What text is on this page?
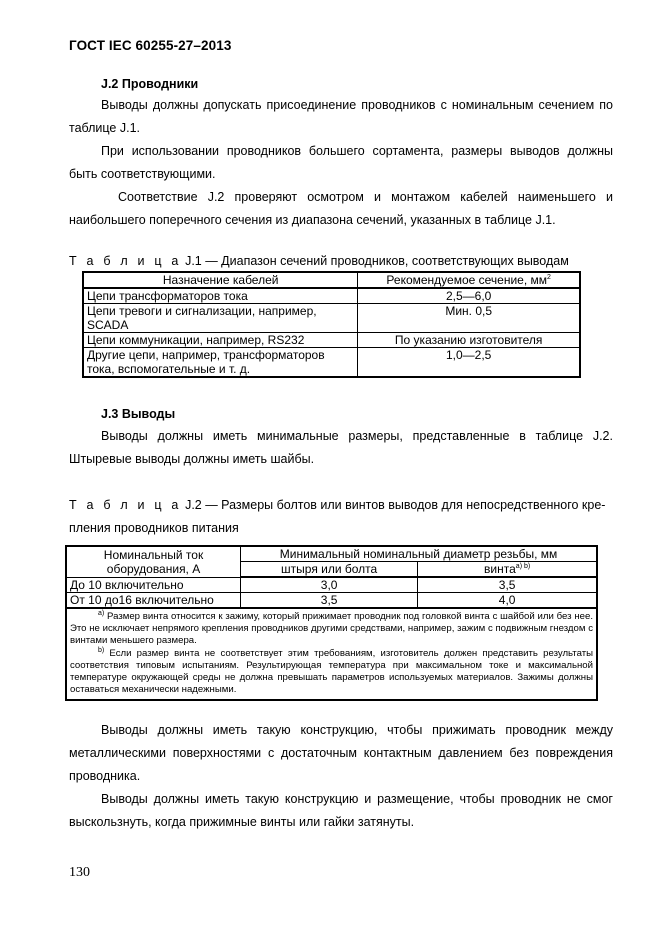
ГОСТ IEC 60255-27–2013
J.2 Проводники
Выводы должны допускать присоединение проводников с номинальным сечением по таблице J.1.
При использовании проводников большего сортамента, размеры выводов должны быть соответствующими.
Соответствие J.2 проверяют осмотром и монтажом кабелей наименьшего и наибольшего поперечного сечения из диапазона сечений, указанных в таблице J.1.
Т а б л и ц а J.1 — Диапазон сечений проводников, соответствующих выводам
Назначение кабелей	Рекомендуемое сечение, $мм^2$
Цепи трансформаторов тока	2,5—6,0
Цепи тревоги и сигнализации, например, SCADA	Мин. 0,5
Цепи коммуникации, например, RS232	По указанию изготовителя
Другие цепи, например, трансформаторов тока, вспомогательные и т. д.	1,0—2,5
J.3 Выводы
Выводы должны иметь минимальные размеры, представленные в таблице J.2. Штыревые выводы должны иметь шайбы.
Т а б л и ц а J.2 — Размеры болтов или винтов выводов для непосредственного кре-
пления проводников питания
Номинальный ток оборудования, А	Минимальный номинальный диаметр резьбы, мм	
	штыря или болта	винта$^{a) b)}$
До 10 включительно	3,0	3,5
От 10 до16 включительно	3,5	4,0

$^{a)}$ Размер винта относится к зажиму, который прижимает проводник под головкой винта с шайбой или без нее. Это не исключает непрямого крепления проводников другими средствами, например, зажим с подвижным гнездом с винтами меньшего размера.

$^{b)}$ Если размер винта не соответствует этим требованиям, изготовитель должен представить результаты соответствия типовым испытаниям. Результирующая температура при максимальном токе и максимальной температуре окружающей среды не должна превышать параметров используемых материалов. Зажимы должны оставаться механически надежными.		

Выводы должны иметь такую конструкцию, чтобы прижимать проводник между металлическими поверхностями с достаточным контактным давлением без повреждения проводника.
Выводы должны иметь такую конструкцию и размещение, чтобы проводник не смог выскользнуть, когда прижимные винты или гайки затянуты.
130
